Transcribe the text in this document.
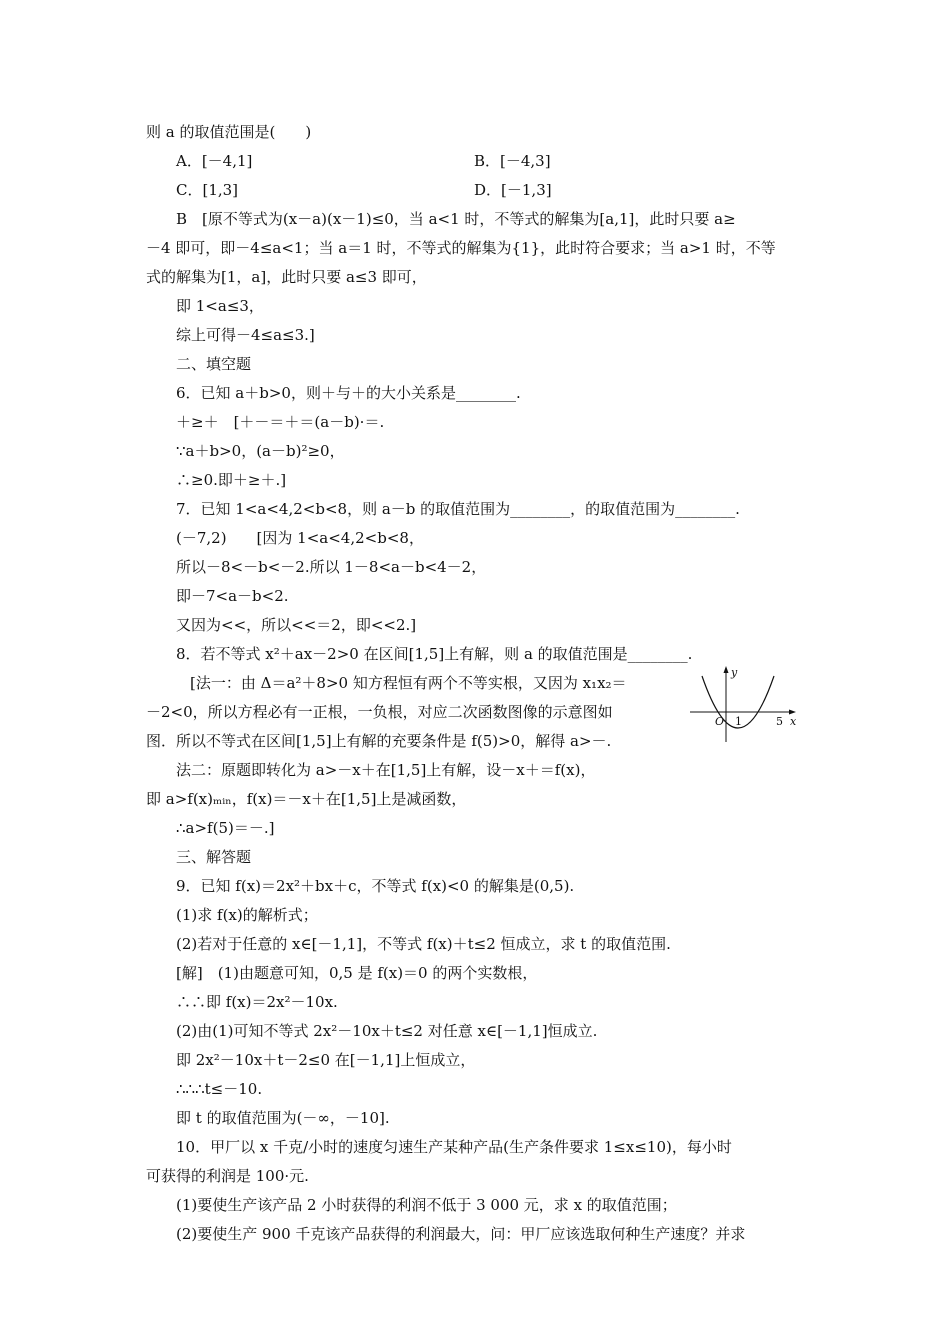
则 a 的取值范围是(　　)
A．[－4,1]	B．[－4,3]
C．[1,3]	D．[－1,3]
B　[原不等式为(x－a)(x－1)≤0，当 a<1 时，不等式的解集为[a,1]，此时只要 a≥
－4 即可，即－4≤a<1；当 a＝1 时，不等式的解集为{1}，此时符合要求；当 a>1 时，不等
式的解集为[1，a]，此时只要 a≤3 即可，
即 1<a≤3，
综上可得－4≤a≤3.]
二、填空题
6．已知 a＋b>0，则＋与＋的大小关系是________.
＋≥＋　[＋－＝＋＝(a－b)·＝.
∵a＋b>0，(a－b)²≥0，
∴≥0.即＋≥＋.]
7．已知 1<a<4,2<b<8，则 a－b 的取值范围为________，的取值范围为________.
(－7,2)　　[因为 1<a<4,2<b<8，
所以－8<－b<－2.所以 1－8<a－b<4－2，
即－7<a－b<2.
又因为<<，所以<<＝2，即<<2.]
8．若不等式 x²＋ax－2>0 在区间[1,5]上有解，则 a 的取值范围是________.
[法一：由 Δ＝a²＋8>0 知方程恒有两个不等实根，又因为 x₁x₂＝
－2<0，所以方程必有一正根，一负根，对应二次函数图像的示意图如
图．所以不等式在区间[1,5]上有解的充要条件是 f(5)>0，解得 a>－.
法二：原题即转化为 a>－x＋在[1,5]上有解，设－x＋＝f(x)，
即 a>f(x)ₘᵢₙ，f(x)＝－x＋在[1,5]上是减函数，
∴a>f(5)＝－.]
三、解答题
9．已知 f(x)＝2x²＋bx＋c，不等式 f(x)<0 的解集是(0,5).
(1)求 f(x)的解析式；
(2)若对于任意的 x∈[－1,1]，不等式 f(x)＋t≤2 恒成立，求 t 的取值范围.
[解]　(1)由题意可知，0,5 是 f(x)＝0 的两个实数根，
∴∴即 f(x)＝2x²－10x.
(2)由(1)可知不等式 2x²－10x＋t≤2 对任意 x∈[－1,1]恒成立.
即 2x²－10x＋t－2≤0 在[－1,1]上恒成立，
∴∴∴t≤－10.
即 t 的取值范围为(－∞，－10].
10．甲厂以 x 千克/小时的速度匀速生产某种产品(生产条件要求 1≤x≤10)，每小时
可获得的利润是 100·元.
(1)要使生产该产品 2 小时获得的利润不低于 3 000 元，求 x 的取值范围；
(2)要使生产 900 千克该产品获得的利润最大，问：甲厂应该选取何种生产速度？并求
y
x
O 1	5
